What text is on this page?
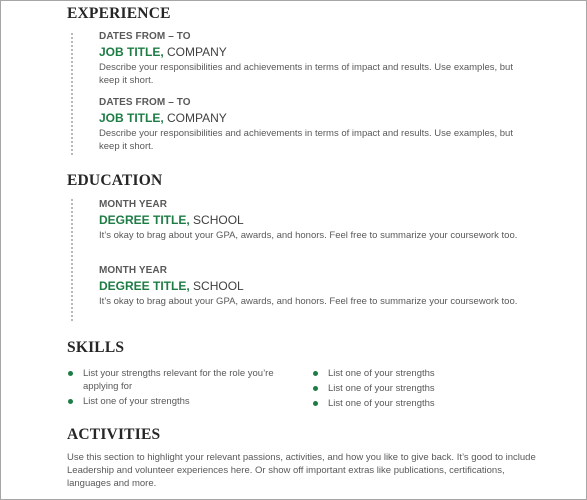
EXPERIENCE
DATES FROM – TO
JOB TITLE, COMPANY
Describe your responsibilities and achievements in terms of impact and results. Use examples, but keep it short.
DATES FROM – TO
JOB TITLE, COMPANY
Describe your responsibilities and achievements in terms of impact and results. Use examples, but keep it short.
EDUCATION
MONTH YEAR
DEGREE TITLE, SCHOOL
It’s okay to brag about your GPA, awards, and honors. Feel free to summarize your coursework too.
MONTH YEAR
DEGREE TITLE, SCHOOL
It’s okay to brag about your GPA, awards, and honors. Feel free to summarize your coursework too.
SKILLS
List your strengths relevant for the role you’re applying for
List one of your strengths
List one of your strengths
List one of your strengths
List one of your strengths
ACTIVITIES

Use this section to highlight your relevant passions, activities, and how you like to give back. It’s good to include Leadership and volunteer experiences here. Or show off important extras like publications, certifications, languages and more.
